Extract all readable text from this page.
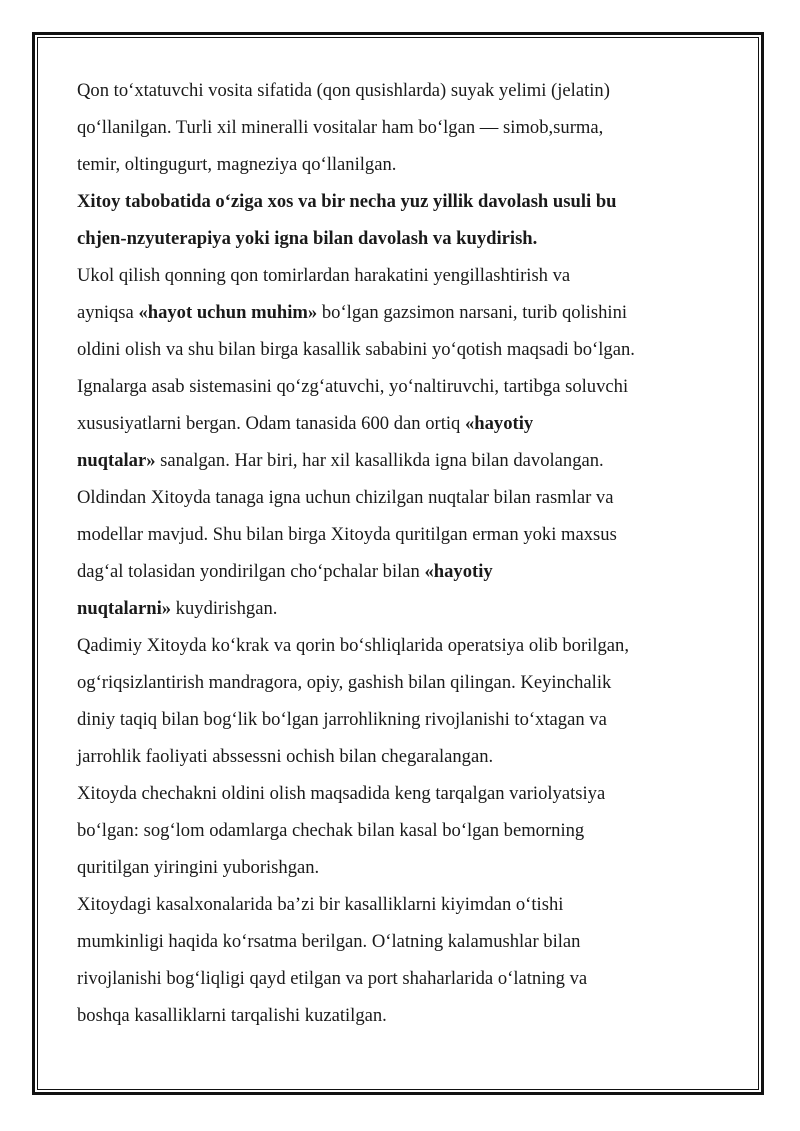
Qon to‘xtatuvchi vosita sifatida (qon qusishlarda) suyak yelimi (jelatin)
qo‘llanilgan. Turli xil mineralli vositalar ham bo‘lgan — simob,surma,
temir, oltingugurt, magneziya qo‘llanilgan.
Xitoy tabobatida o‘ziga xos va bir necha yuz yillik davolash usuli bu
chjen-nzyuterapiya yoki igna bilan davolash va kuydirish.
Ukol qilish qonning qon tomirlardan harakatini yengillashtirish va
ayniqsa «hayot uchun muhim» bo‘lgan gazsimon narsani, turib qolishini
oldini olish va shu bilan birga kasallik sababini yo‘qotish maqsadi bo‘lgan.
Ignalarga asab sistemasini qo‘zg‘atuvchi, yo‘naltiruvchi, tartibga soluvchi
xususiyatlarni bergan. Odam tanasida 600 dan ortiq «hayotiy
nuqtalar» sanalgan. Har biri, har xil kasallikda igna bilan davolangan.
Oldindan Xitoyda tanaga igna uchun chizilgan nuqtalar bilan rasmlar va
modellar mavjud. Shu bilan birga Xitoyda quritilgan erman yoki maxsus
dag‘al tolasidan yondirilgan cho‘pchalar bilan «hayotiy
nuqtalarni» kuydirishgan.
Qadimiy Xitoyda ko‘krak va qorin bo‘shliqlarida operatsiya olib borilgan,
og‘riqsizlantirish mandragora, opiy, gashish bilan qilingan. Keyinchalik
diniy taqiq bilan bog‘lik bo‘lgan jarrohlikning rivojlanishi to‘xtagan va
jarrohlik faoliyati abssessni ochish bilan chegaralangan.
Xitoyda chechakni oldini olish maqsadida keng tarqalgan variolyatsiya
bo‘lgan: sog‘lom odamlarga chechak bilan kasal bo‘lgan bemorning
quritilgan yiringini yuborishgan.
Xitoydagi kasalxonalarida ba’zi bir kasalliklarni kiyimdan o‘tishi
mumkinligi haqida ko‘rsatma berilgan. O‘latning kalamushlar bilan
rivojlanishi bog‘liqligi qayd etilgan va port shaharlarida o‘latning va
boshqa kasalliklarni tarqalishi kuzatilgan.
